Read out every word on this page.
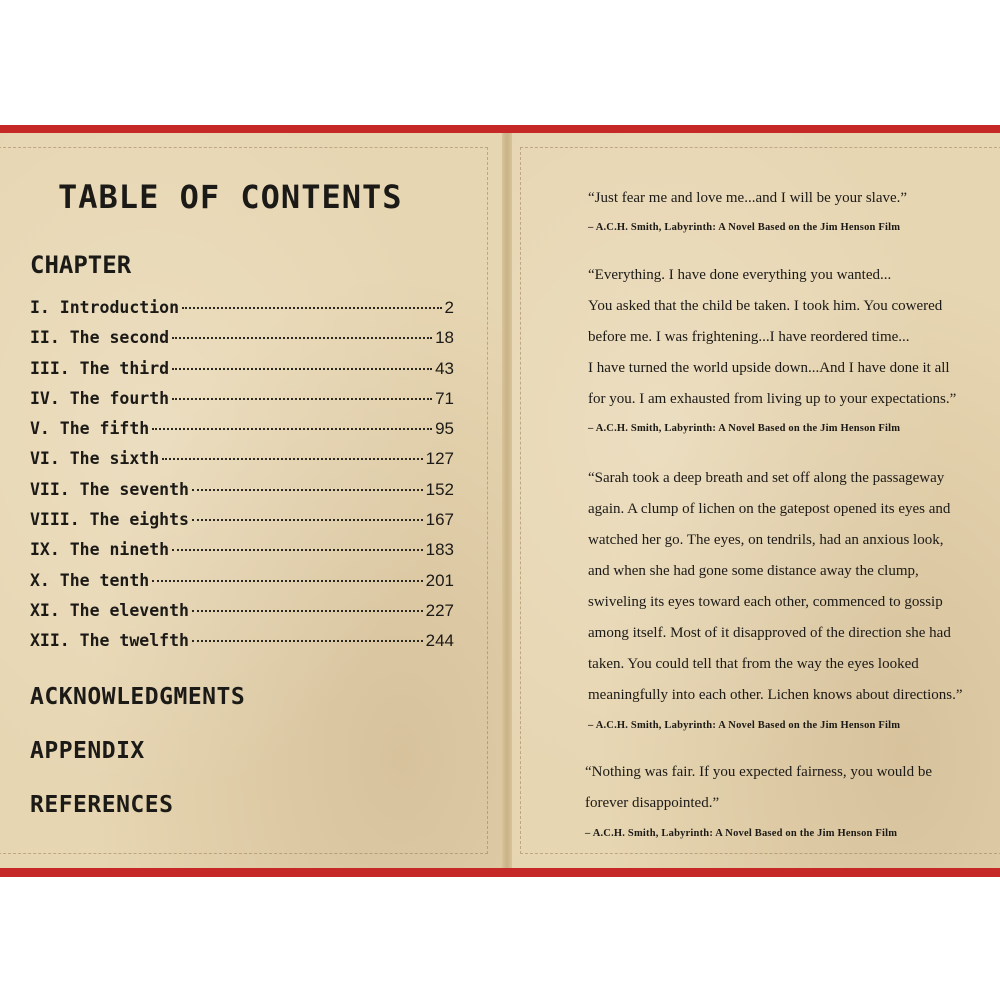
TABLE OF CONTENTS
CHAPTER
I. Introduction	2
II. The second	18
III. The third	43
IV. The fourth	71
V. The fifth	95
VI. The sixth	127
VII. The seventh	152
VIII. The eights	167
IX. The nineth	183
X. The tenth	201
XI. The eleventh	227
XII. The twelfth	244
ACKNOWLEDGMENTS
APPENDIX
REFERENCES
“Just fear me and love me...and I will be your slave.”
– A.C.H. Smith, Labyrinth: A Novel Based on the Jim Henson Film
“Everything. I have done everything you wanted...
You asked that the child be taken. I took him. You cowered
before me. I was frightening...I have reordered time...
I have turned the world upside down...And I have done it all
for you. I am exhausted from living up to your expectations.”
– A.C.H. Smith, Labyrinth: A Novel Based on the Jim Henson Film
“Sarah took a deep breath and set off along the passageway
again. A clump of lichen on the gatepost opened its eyes and
watched her go. The eyes, on tendrils, had an anxious look,
and when she had gone some distance away the clump,
swiveling its eyes toward each other, commenced to gossip
among itself. Most of it disapproved of the direction she had
taken. You could tell that from the way the eyes looked
meaningfully into each other. Lichen knows about directions.”
– A.C.H. Smith, Labyrinth: A Novel Based on the Jim Henson Film
“Nothing was fair. If you expected fairness, you would be
forever disappointed.”
– A.C.H. Smith, Labyrinth: A Novel Based on the Jim Henson Film
